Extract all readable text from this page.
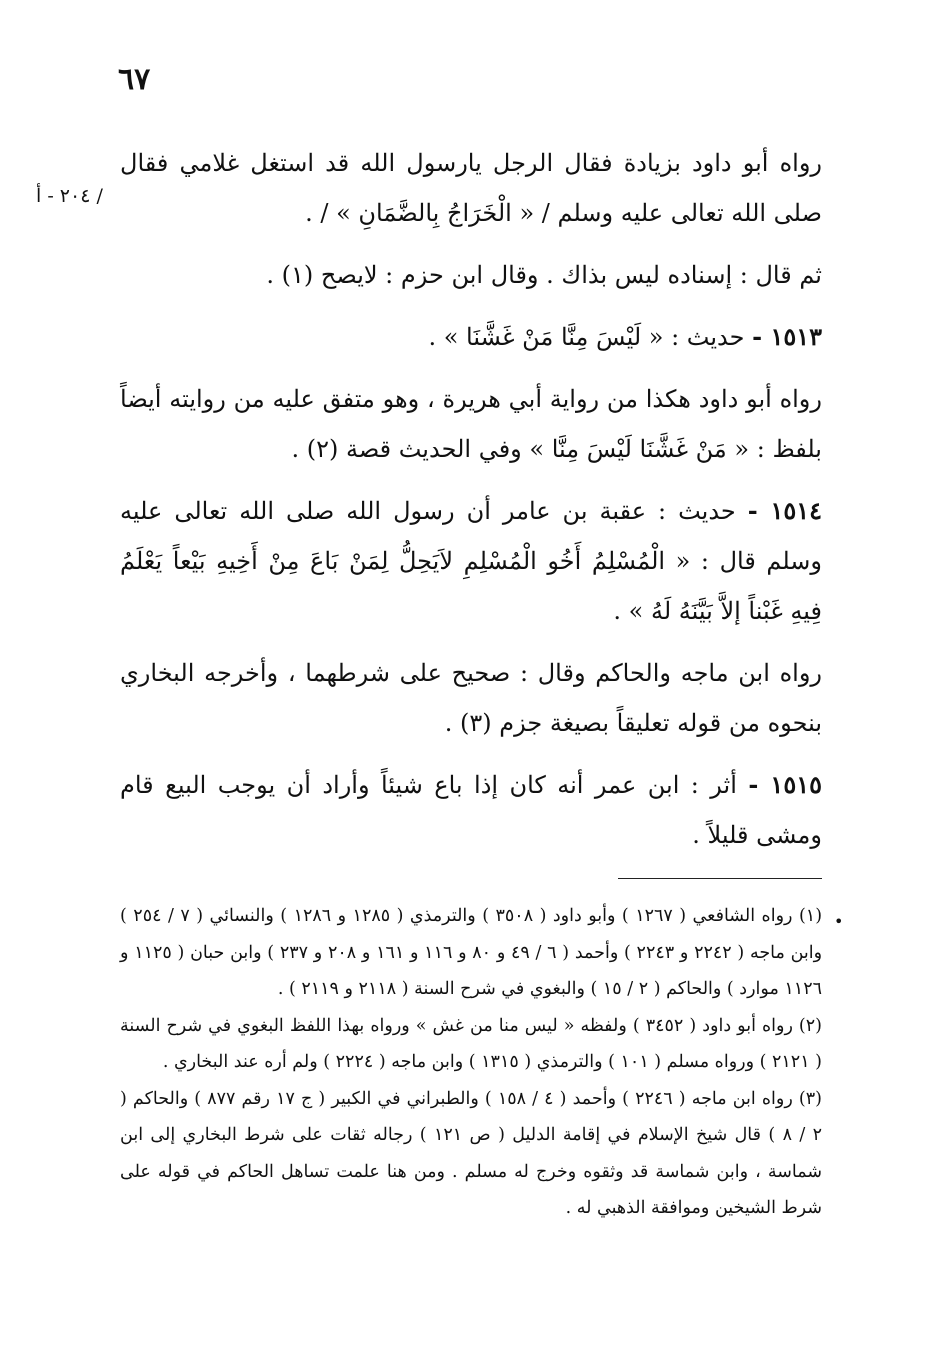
٦٧
/ ٢٠٤ - أ

رواه أبو داود بزيادة فقال الرجل يارسول الله قد استغل غلامي فقال صلى الله تعالى عليه وسلم / « الْخَرَاجُ بِالضَّمَانِ » / .

ثم قال : إسناده ليس بذاك . وقال ابن حزم : لايصح (١) .

١٥١٣ - حديث : « لَيْسَ مِنَّا مَنْ غَشَّنَا » .

رواه أبو داود هكذا من رواية أبي هريرة ، وهو متفق عليه من روايته أيضاً بلفظ : « مَنْ غَشَّنَا لَيْسَ مِنَّا » وفي الحديث قصة (٢) .

١٥١٤ - حديث : عقبة بن عامر أن رسول الله صلى الله تعالى عليه وسلم قال : « الْمُسْلِمُ أَخُو الْمُسْلِمِ لاَيَحِلُّ لِمَنْ بَاعَ مِنْ أَخِيهِ بَيْعاً يَعْلَمُ فِيهِ غَبْناً إلاَّ بَيَّنَهُ لَهُ » .

رواه ابن ماجه والحاكم وقال : صحيح على شرطهما ، وأخرجه البخاري بنحوه من قوله تعليقاً بصيغة جزم (٣) .

١٥١٥ - أثر : ابن عمر أنه كان إذا باع شيئاً وأراد أن يوجب البيع قام ومشى قليلاً .

•

(١) رواه الشافعي ( ١٢٦٧ ) وأبو داود ( ٣٥٠٨ ) والترمذي ( ١٢٨٥ و ١٢٨٦ ) والنسائي ( ٧ / ٢٥٤ ) وابن ماجه ( ٢٢٤٢ و ٢٢٤٣ ) وأحمد ( ٦ / ٤٩ و ٨٠ و ١١٦ و ١٦١ و ٢٠٨ و ٢٣٧ ) وابن حبان ( ١١٢٥ و ١١٢٦ موارد ) والحاكم ( ٢ / ١٥ ) والبغوي في شرح السنة ( ٢١١٨ و ٢١١٩ ) .

(٢) رواه أبو داود ( ٣٤٥٢ ) ولفظه « ليس منا من غش » ورواه بهذا اللفظ البغوي في شرح السنة ( ٢١٢١ ) ورواه مسلم ( ١٠١ ) والترمذي ( ١٣١٥ ) وابن ماجه ( ٢٢٢٤ ) ولم أره عند البخاري .

(٣) رواه ابن ماجه ( ٢٢٤٦ ) وأحمد ( ٤ / ١٥٨ ) والطبراني في الكبير ( ج ١٧ رقم ٨٧٧ ) والحاكم ( ٢ / ٨ ) قال شيخ الإسلام في إقامة الدليل ( ص ١٢١ ) رجاله ثقات على شرط البخاري إلى ابن شماسة ، وابن شماسة قد وثقوه وخرج له مسلم . ومن هنا علمت تساهل الحاكم في قوله على شرط الشيخين وموافقة الذهبي له .
